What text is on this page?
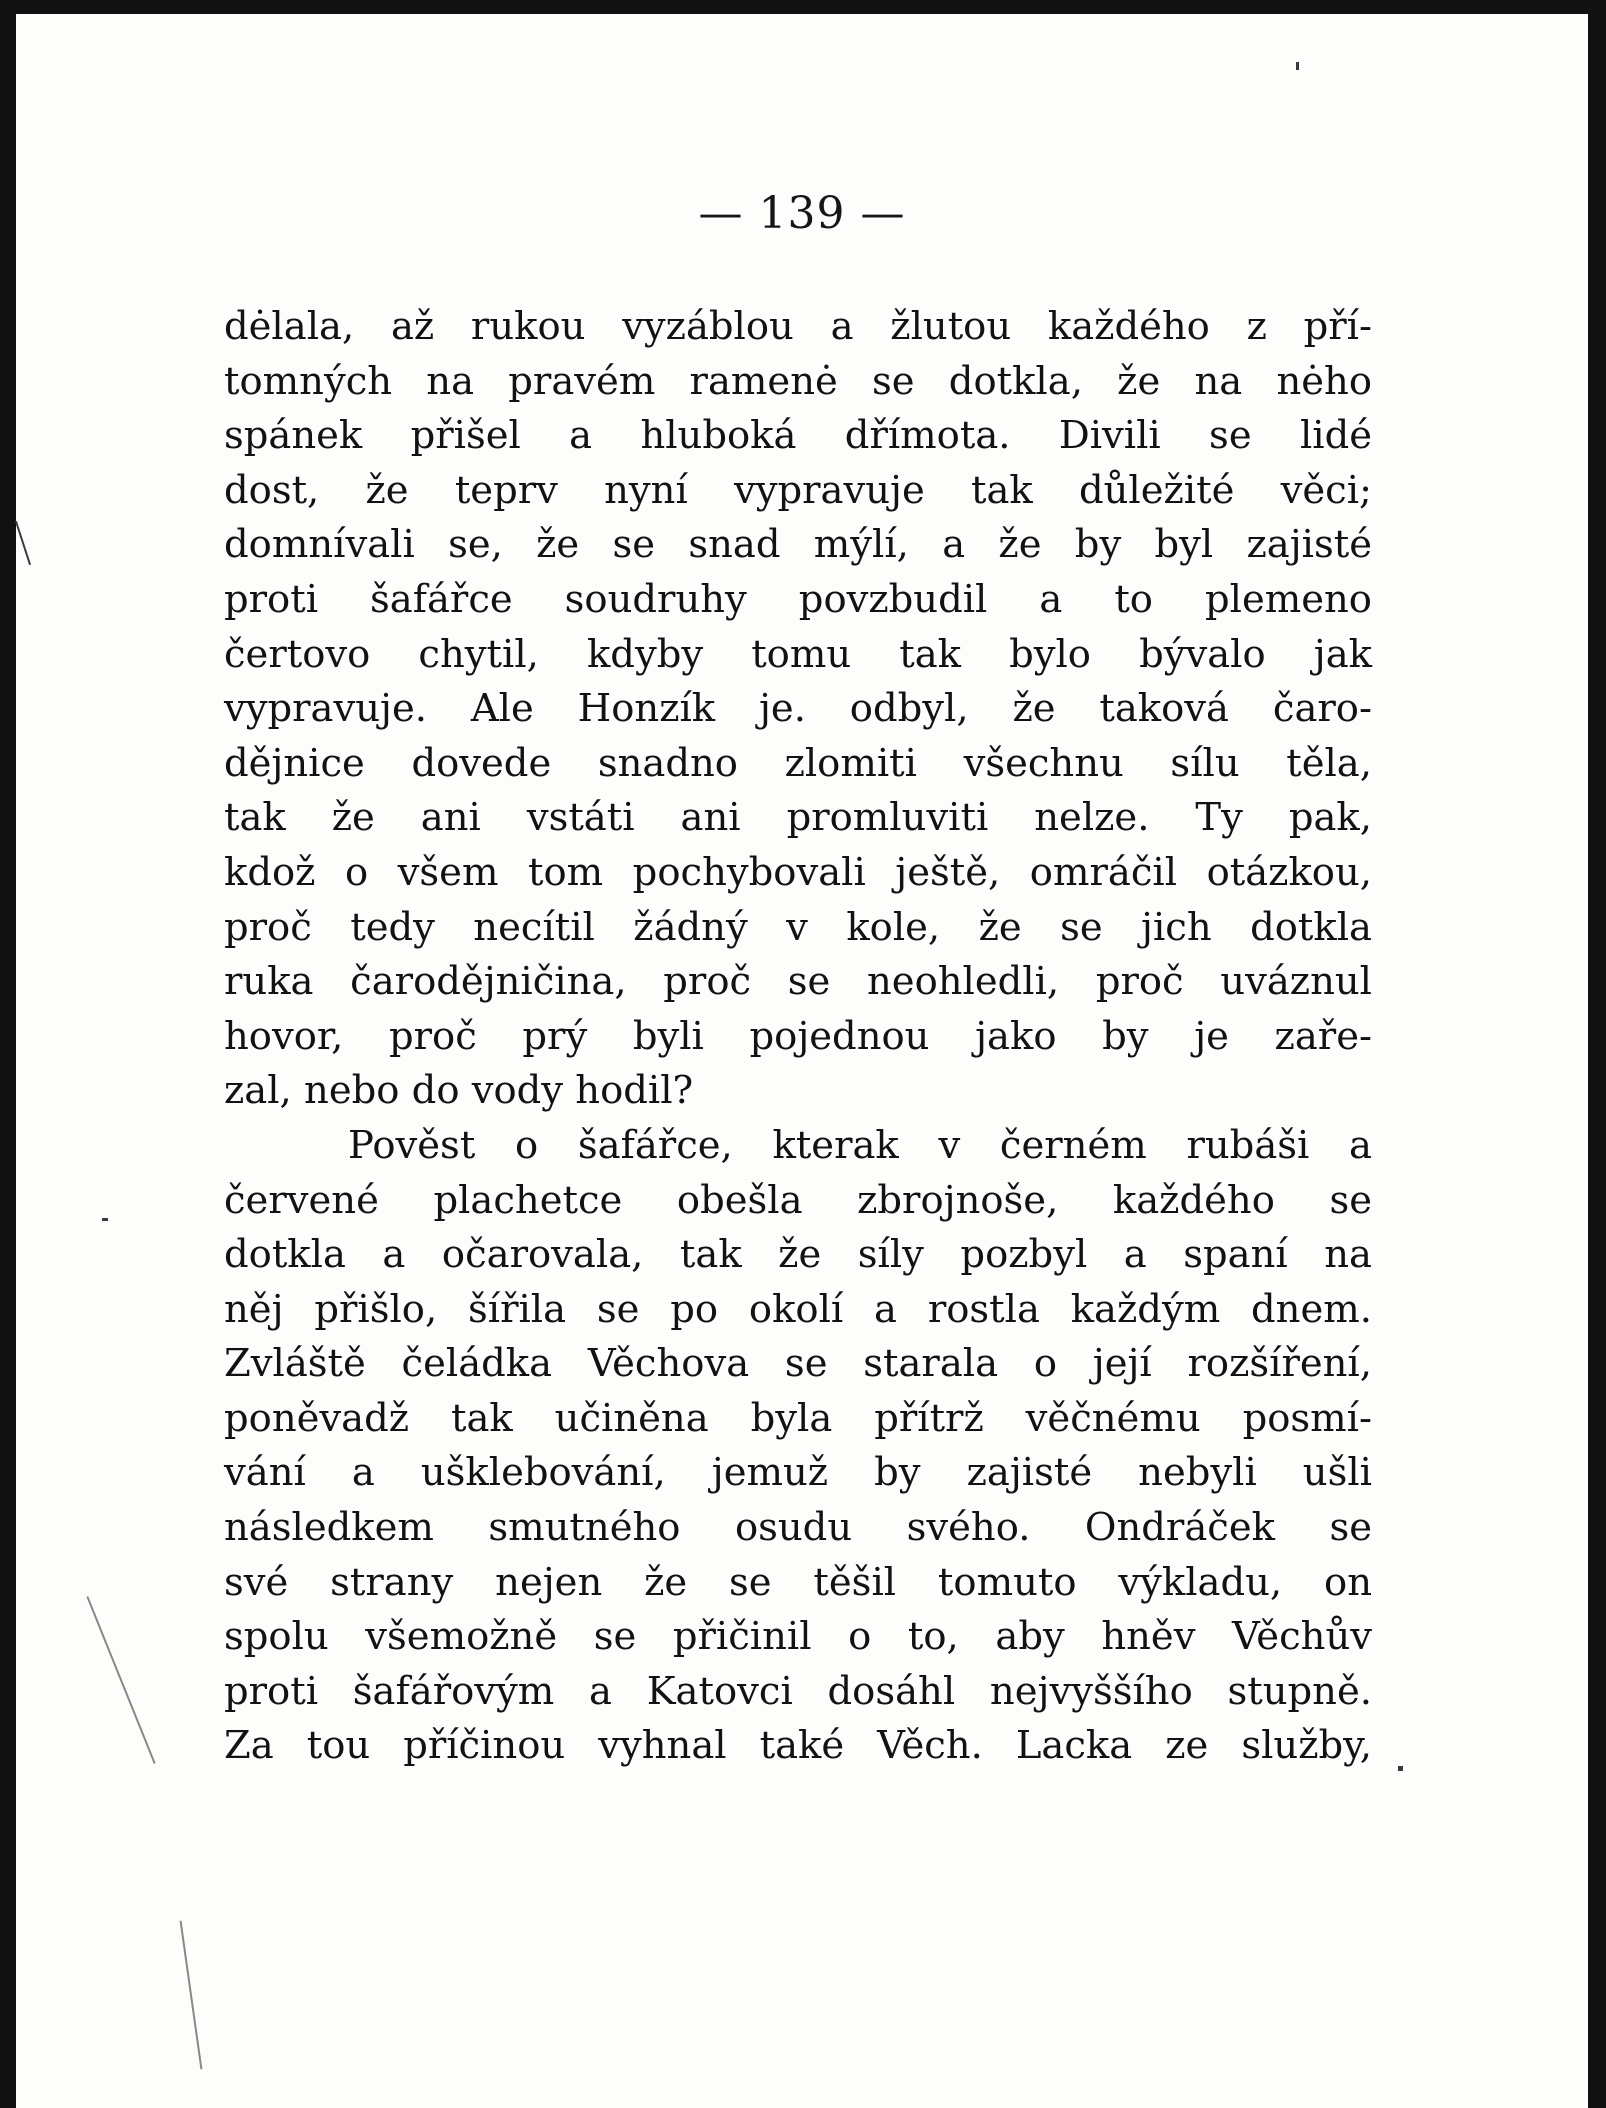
— 139 —
dėlala, až rukou vyzáblou a žlutou každého z pří-
tomných na pravém ramenė se dotkla, že na nėho
spánek přišel a hluboká dřímota. Divili se lidé
dost, že teprv nyní vypravuje tak důležité věci;
domnívali se, že se snad mýlí, a že by byl zajisté
proti šafářce soudruhy povzbudil a to plemeno
čertovo chytil, kdyby tomu tak bylo bývalo jak
vypravuje. Ale Honzík je. odbyl, že taková čaro-
dějnice dovede snadno zlomiti všechnu sílu těla,
tak že ani vstáti ani promluviti nelze. Ty pak,
kdož o všem tom pochybovali ještě, omráčil otázkou,
proč tedy necítil žádný v kole, že se jich dotkla
ruka čarodějničina, proč se neohledli, proč uváznul
hovor, proč prý byli pojednou jako by je zaře-
zal, nebo do vody hodil?
Pověst o šafářce, kterak v černém rubáši a
červené plachetce obešla zbrojnoše, každého se
dotkla a očarovala, tak že síly pozbyl a spaní na
něj přišlo, šířila se po okolí a rostla každým dnem.
Zvláště čeládka Věchova se starala o její rozšíření,
poněvadž tak učiněna byla přítrž věčnému posmí-
vání a ušklebování, jemuž by zajisté nebyli ušli
následkem smutného osudu svého. Ondráček se
své strany nejen že se těšil tomuto výkladu, on
spolu všemožně se přičinil o to, aby hněv Věchův
proti šafářovým a Katovci dosáhl nejvyššího stupně.
Za tou příčinou vyhnal také Věch. Lacka ze služby,
